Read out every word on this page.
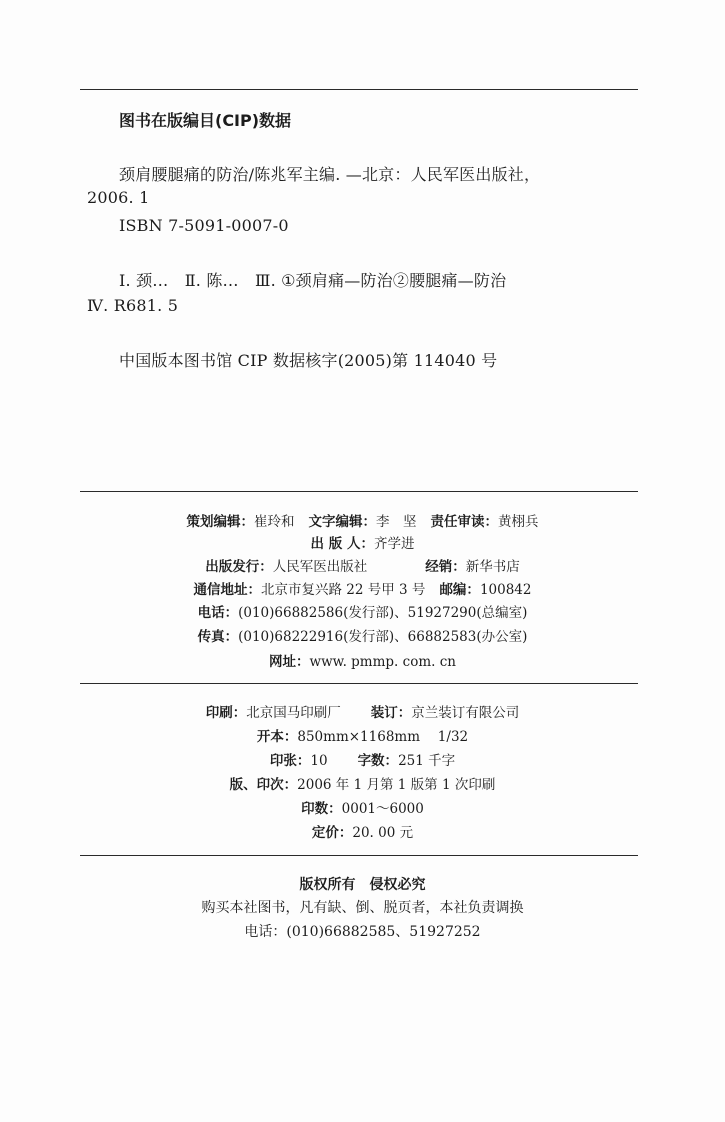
图书在版编目(CIP)数据
颈肩腰腿痛的防治/陈兆军主编. —北京：人民军医出版社，
2006. 1
ISBN 7-5091-0007-0
Ⅰ. 颈…　Ⅱ. 陈…　Ⅲ. ①颈肩痛—防治②腰腿痛—防治
Ⅳ. R681. 5
中国版本图书馆 CIP 数据核字(2005)第 114040 号
策划编辑：崔玲和 文字编辑：李　坚 责任审读：黄栩兵
出 版 人：齐学进
出版发行：人民军医出版社	经销：新华书店
通信地址：北京市复兴路 22 号甲 3 号 邮编：100842
电话：(010)66882586(发行部)、51927290(总编室)
传真：(010)68222916(发行部)、66882583(办公室)
网址：www. pmmp. com. cn
印刷：北京国马印刷厂 装订：京兰装订有限公司
开本：850mm×1168mm　 1/32
印张：10 字数：251 千字
版、印次：2006 年 1 月第 1 版第 1 次印刷
印数：0001～6000
定价：20. 00 元
版权所有　侵权必究
购买本社图书，凡有缺、倒、脱页者，本社负责调换
电话：(010)66882585、51927252
